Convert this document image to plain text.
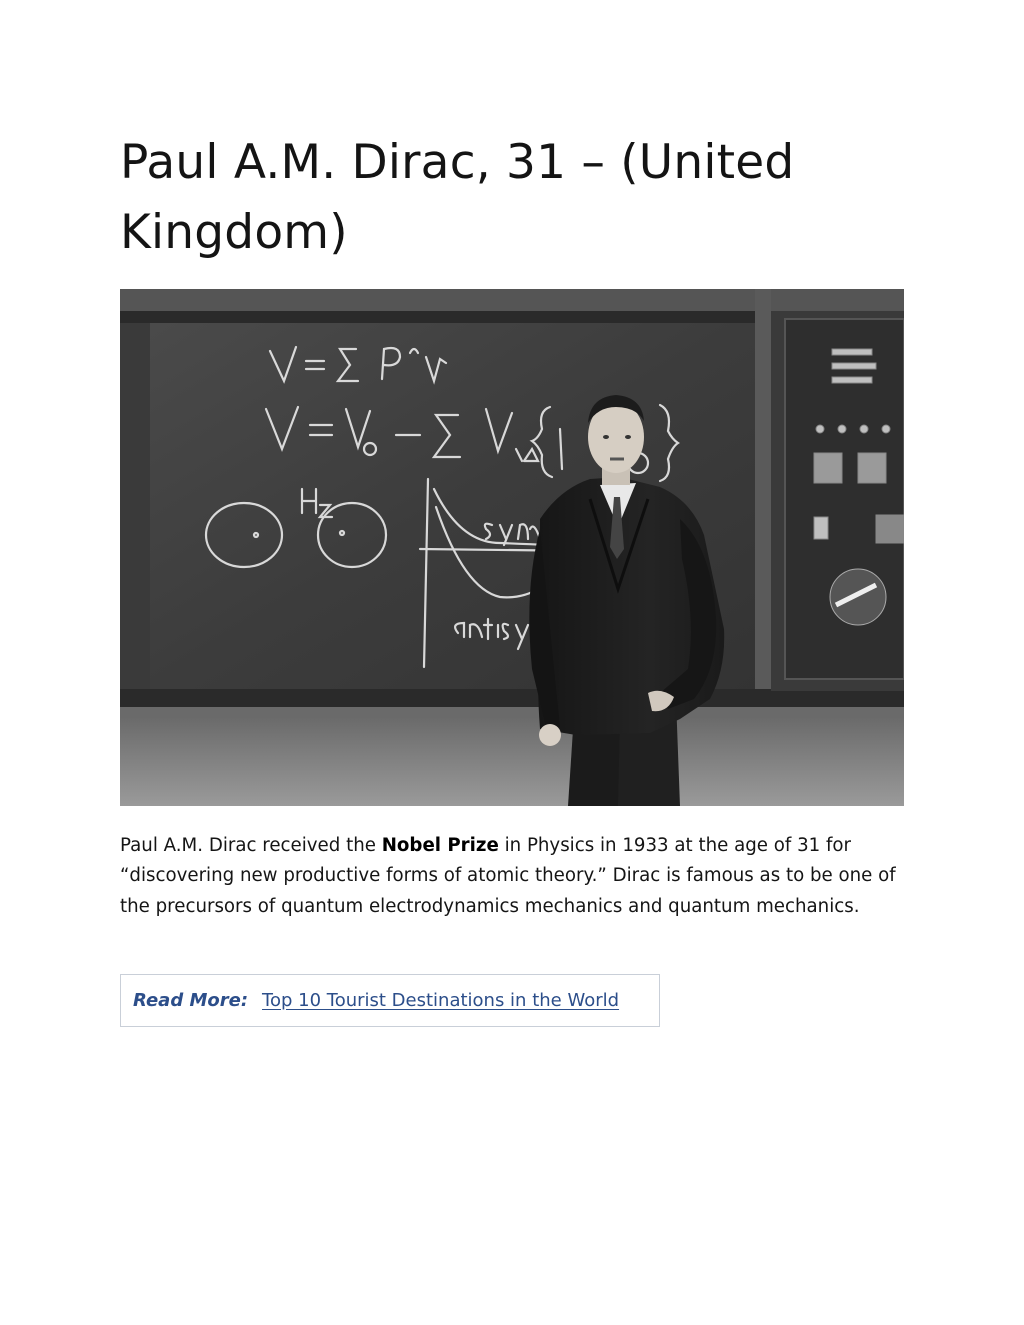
Paul A.M. Dirac, 31 – (United Kingdom)

Paul A.M. Dirac received the Nobel Prize in Physics in 1933 at the age of 31 for “discovering new productive forms of atomic theory.” Dirac is famous as to be one of the precursors of quantum electrodynamics mechanics and quantum mechanics.

Read More: Top 10 Tourist Destinations in the World
